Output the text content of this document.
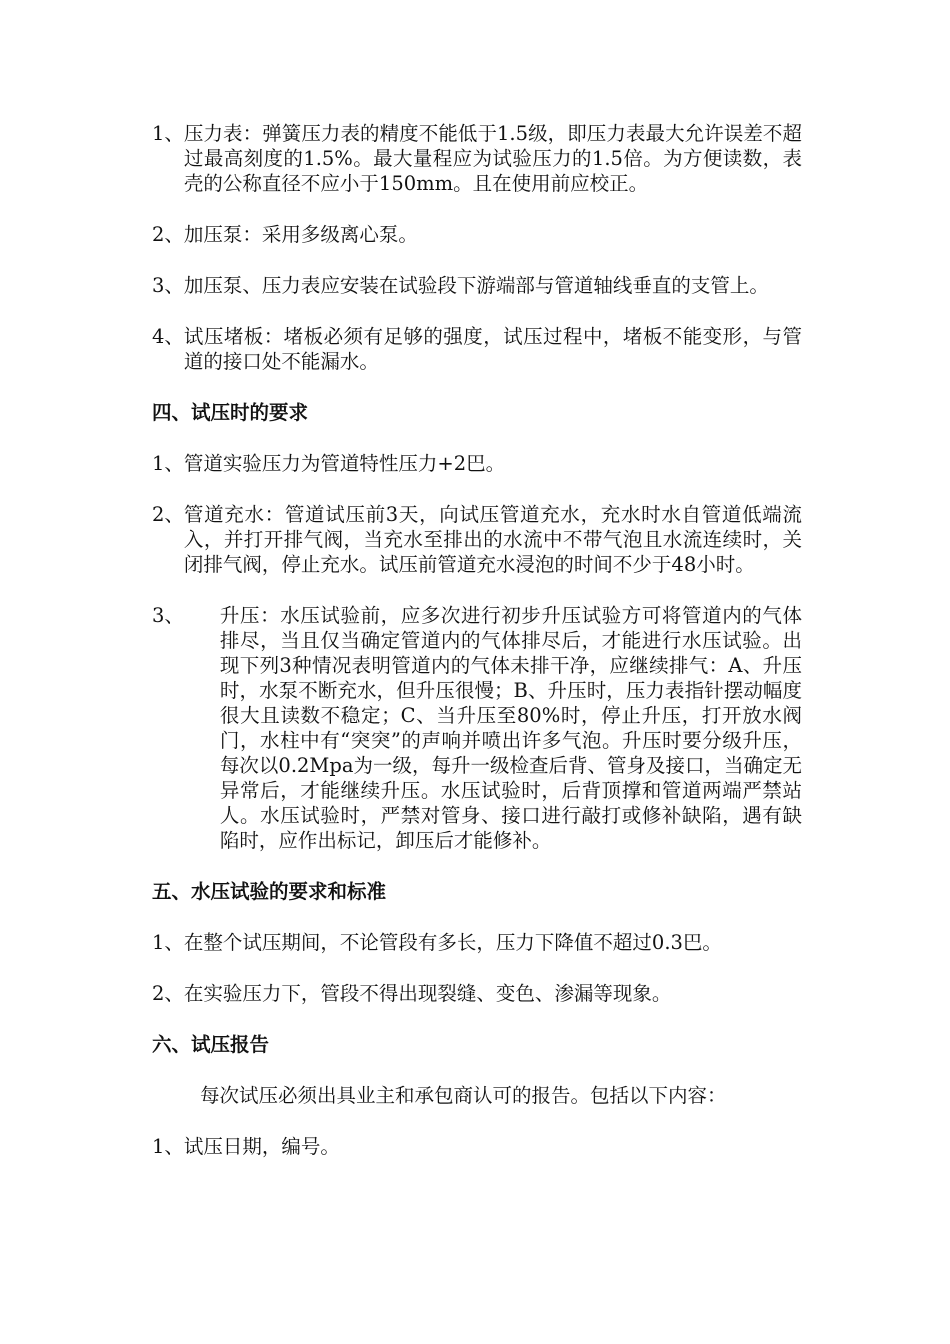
1、 压力表：弹簧压力表的精度不能低于1.5级，即压力表最大允许误差不超过最高刻度的1.5%。最大量程应为试验压力的1.5倍。为方便读数，表壳的公称直径不应小于150mm。且在使用前应校正。
2、 加压泵：采用多级离心泵。
3、 加压泵、压力表应安装在试验段下游端部与管道轴线垂直的支管上。
4、 试压堵板：堵板必须有足够的强度，试压过程中，堵板不能变形，与管道的接口处不能漏水。
四、试压时的要求
1、 管道实验压力为管道特性压力+2巴。
2、 管道充水：管道试压前3天，向试压管道充水，充水时水自管道低端流入，并打开排气阀，当充水至排出的水流中不带气泡且水流连续时，关闭排气阀，停止充水。试压前管道充水浸泡的时间不少于48小时。
3、	升压：水压试验前，应多次进行初步升压试验方可将管道内的气体排尽，当且仅当确定管道内的气体排尽后，才能进行水压试验。出现下列3种情况表明管道内的气体未排干净，应继续排气：A、升压时，水泵不断充水，但升压很慢；B、升压时，压力表指针摆动幅度很大且读数不稳定；C、当升压至80%时，停止升压，打开放水阀门，水柱中有“突突”的声响并喷出许多气泡。升压时要分级升压，每次以0.2Mpa为一级，每升一级检查后背、管身及接口，当确定无异常后，才能继续升压。水压试验时，后背顶撑和管道两端严禁站人。水压试验时，严禁对管身、接口进行敲打或修补缺陷，遇有缺陷时，应作出标记，卸压后才能修补。
五、水压试验的要求和标准
1、 在整个试压期间，不论管段有多长，压力下降值不超过0.3巴。
2、 在实验压力下，管段不得出现裂缝、变色、渗漏等现象。
六、试压报告

每次试压必须出具业主和承包商认可的报告。包括以下内容：

1、 试压日期，编号。
